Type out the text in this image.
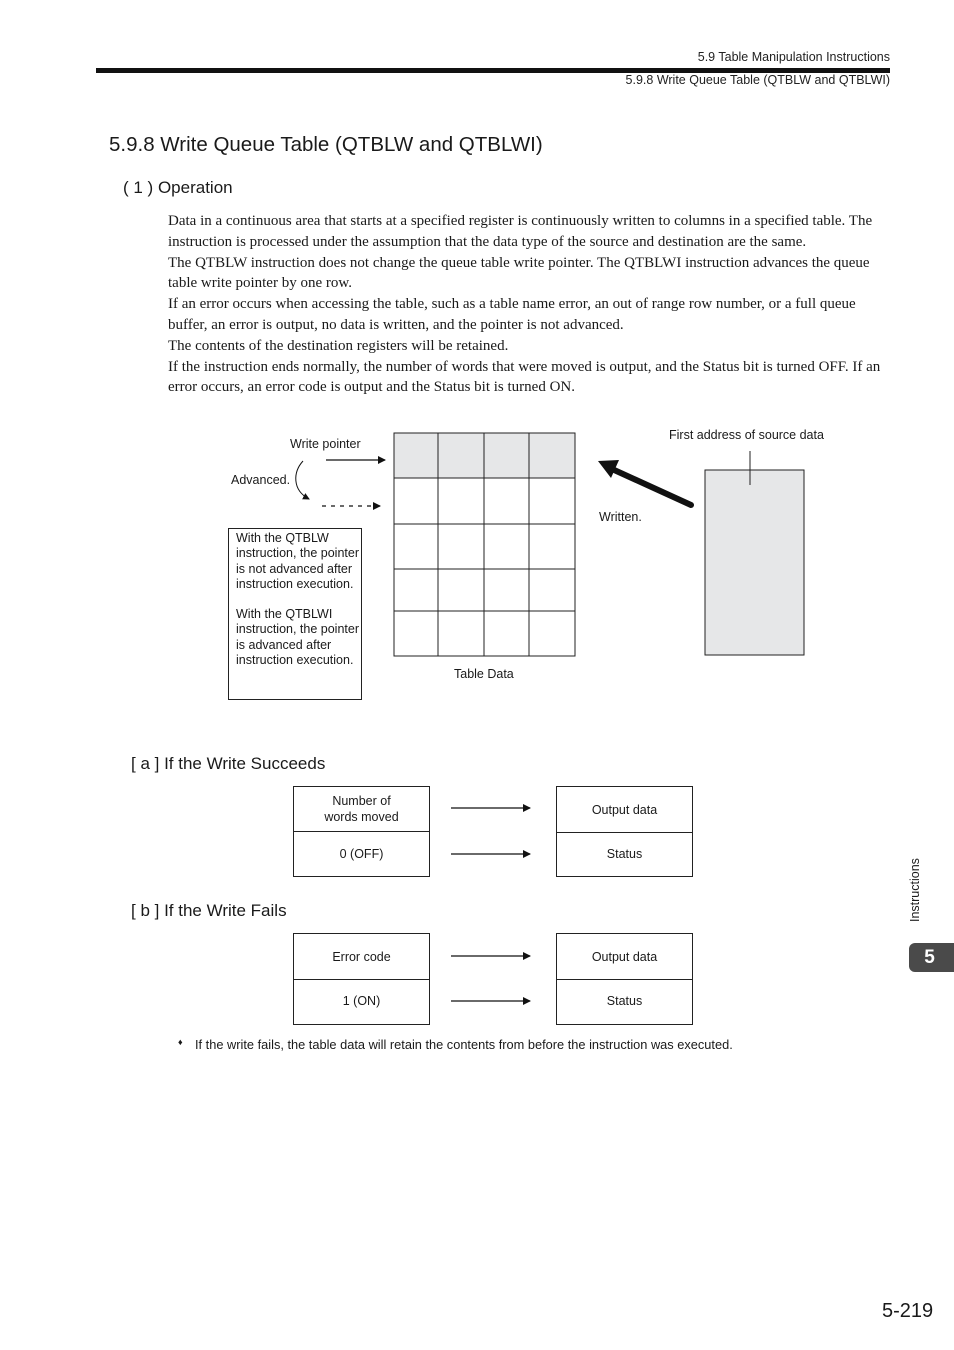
5.9 Table Manipulation Instructions
5.9.8 Write Queue Table (QTBLW and QTBLWI)
5.9.8 Write Queue Table (QTBLW and QTBLWI)
( 1 ) Operation

Data in a continuous area that starts at a specified register is continuously written to columns in a specified table. The instruction is processed under the assumption that the data type of the source and destination are the same.

The QTBLW instruction does not change the queue table write pointer. The QTBLWI instruction advances the queue table write pointer by one row.

If an error occurs when accessing the table, such as a table name error, an out of range row number, or a full queue buffer, an error is output, no data is written, and the pointer is not advanced.

The contents of the destination registers will be retained.

If the instruction ends normally, the number of words that were moved is output, and the Status bit is turned OFF. If an error occurs, an error code is output and the Status bit is turned ON.

Write pointer
Advanced.

With the QTBLW instruction, the pointer is not advanced after instruction execution.

With the QTBLWI instruction, the pointer is advanced after instruction execution.

Table Data
Written.
First address of source data
[ a ] If the Write Succeeds
Number of words moved
0 (OFF)
Output data
Status
[ b ] If the Write Fails
Error code
1 (ON)
Output data
Status
♦ If the write fails, the table data will retain the contents from before the instruction was executed.
Instructions
5
5-219
